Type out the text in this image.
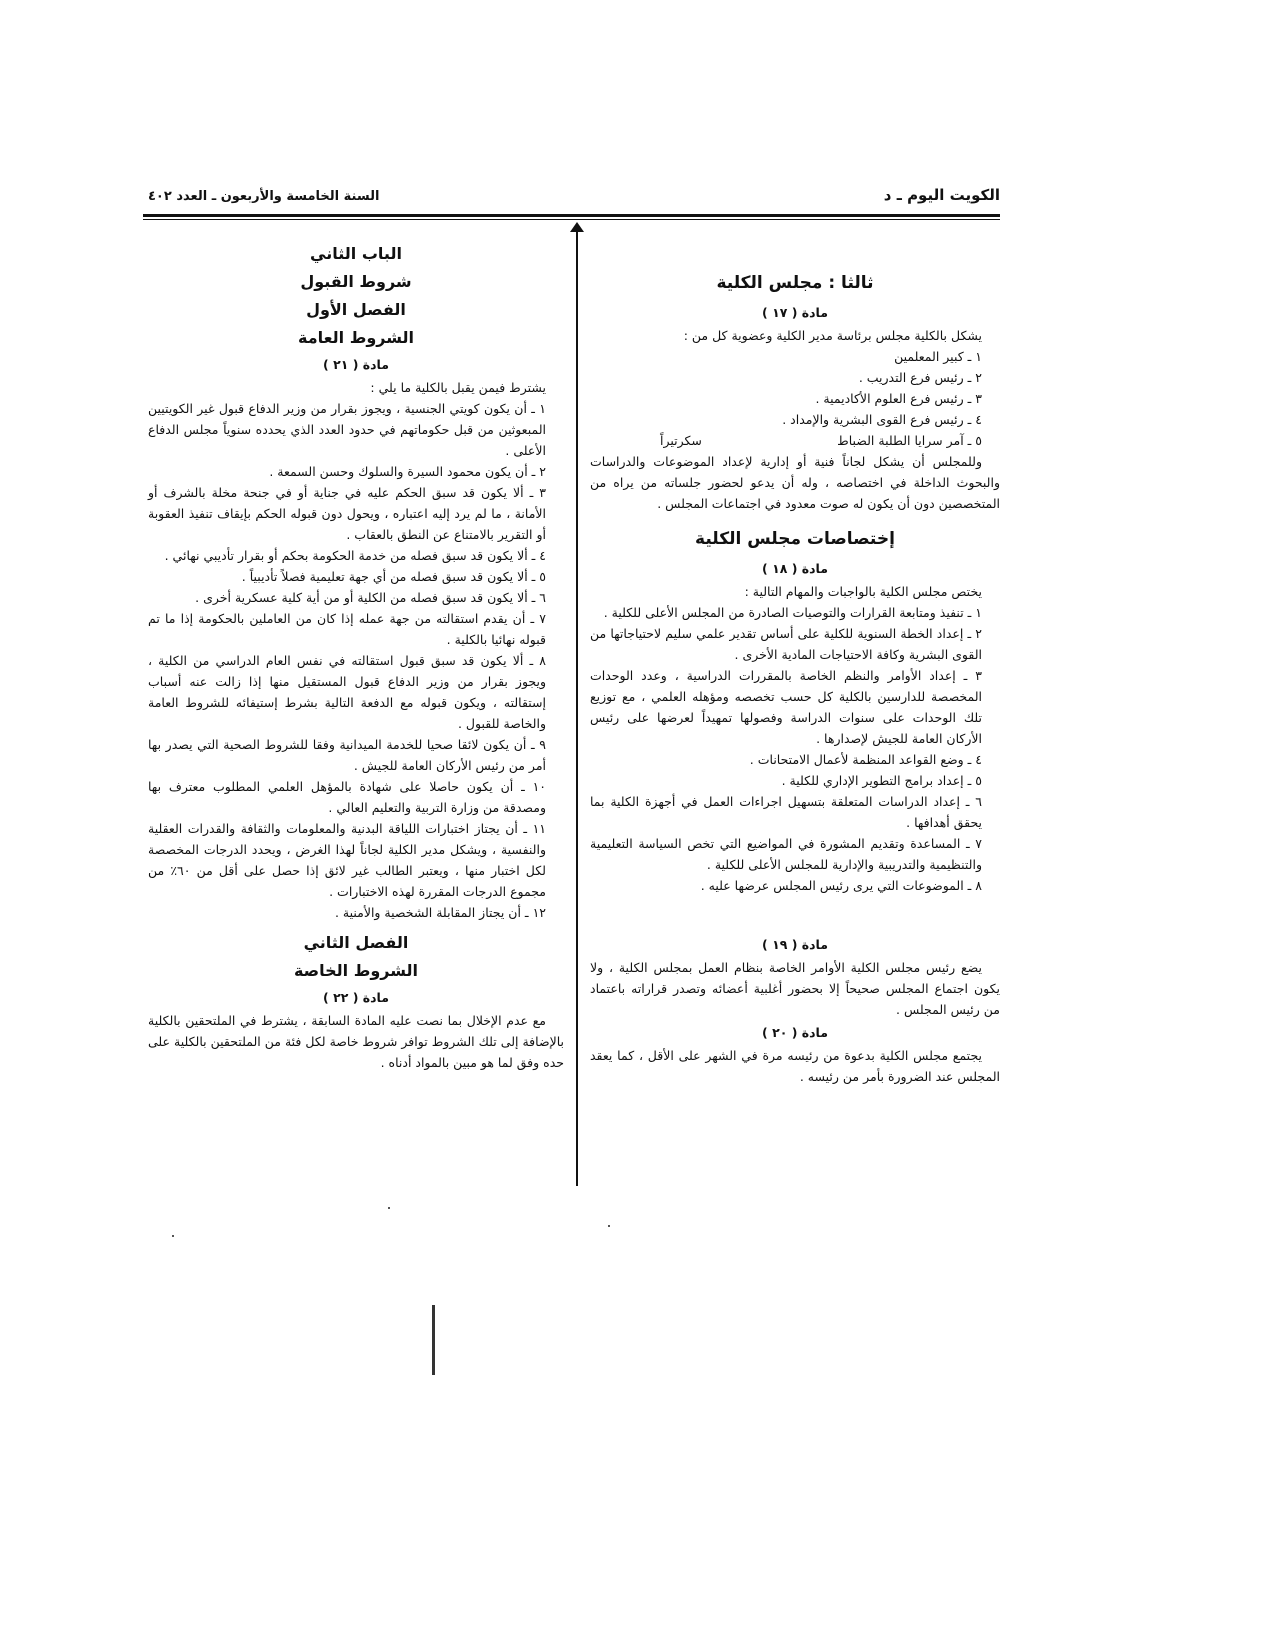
الكويت اليوم ـ د
السنة الخامسة والأربعون ـ العدد ٤٠٢

ثالثا : مجلس الكلية

مادة ( ١٧ )

يشكل بالكلية مجلس برئاسة مدير الكلية وعضوية كل من :

١ ـ كبير المعلمين
٢ ـ رئيس فرع التدريب .
٣ ـ رئيس فرع العلوم الأكاديمية .
٤ ـ رئيس فرع القوى البشرية والإمداد .
٥ ـ آمر سرايا الطلبة الضباط
سكرتيراً

وللمجلس أن يشكل لجاناً فنية أو إدارية لإعداد الموضوعات والدراسات والبحوث الداخلة في اختصاصه ، وله أن يدعو لحضور جلساته من يراه من المتخصصين دون أن يكون له صوت معدود في اجتماعات المجلس .

إختصاصات مجلس الكلية

مادة ( ١٨ )

يختص مجلس الكلية بالواجبات والمهام التالية :

١ ـ تنفيذ ومتابعة القرارات والتوصيات الصادرة من المجلس الأعلى للكلية .

٢ ـ إعداد الخطة السنوية للكلية على أساس تقدير علمي سليم لاحتياجاتها من القوى البشرية وكافة الاحتياجات المادية الأخرى .

٣ ـ إعداد الأوامر والنظم الخاصة بالمقررات الدراسية ، وعدد الوحدات المخصصة للدارسين بالكلية كل حسب تخصصه ومؤهله العلمي ، مع توزيع تلك الوحدات على سنوات الدراسة وفصولها تمهيداً لعرضها على رئيس الأركان العامة للجيش لإصدارها .

٤ ـ وضع القواعد المنظمة لأعمال الامتحانات .

٥ ـ إعداد برامج التطوير الإداري للكلية .

٦ ـ إعداد الدراسات المتعلقة بتسهيل اجراءات العمل في أجهزة الكلية بما يحقق أهدافها .

٧ ـ المساعدة وتقديم المشورة في المواضيع التي تخص السياسة التعليمية والتنظيمية والتدريبية والإدارية للمجلس الأعلى للكلية .

٨ ـ الموضوعات التي يرى رئيس المجلس عرضها عليه .

مادة ( ١٩ )

يضع رئيس مجلس الكلية الأوامر الخاصة بنظام العمل بمجلس الكلية ، ولا يكون اجتماع المجلس صحيحاً إلا بحضور أغلبية أعضائه وتصدر قراراته باعتماد من رئيس المجلس .

مادة ( ٢٠ )

يجتمع مجلس الكلية بدعوة من رئيسه مرة في الشهر على الأقل ، كما يعقد المجلس عند الضرورة بأمر من رئيسه .

الباب الثاني

شروط القبول

الفصل الأول

الشروط العامة

مادة ( ٢١ )

يشترط فيمن يقبل بالكلية ما يلي :

١ ـ أن يكون كويتي الجنسية ، ويجوز بقرار من وزير الدفاع قبول غير الكويتيين المبعوثين من قبل حكوماتهم في حدود العدد الذي يحدده سنوياً مجلس الدفاع الأعلى .

٢ ـ أن يكون محمود السيرة والسلوك وحسن السمعة .

٣ ـ ألا يكون قد سبق الحكم عليه في جناية أو في جنحة مخلة بالشرف أو الأمانة ، ما لم يرد إليه اعتباره ، ويحول دون قبوله الحكم بإيقاف تنفيذ العقوبة أو التقرير بالامتناع عن النطق بالعقاب .

٤ ـ ألا يكون قد سبق فصله من خدمة الحكومة بحكم أو بقرار تأديبي نهائي .

٥ ـ ألا يكون قد سبق فصله من أي جهة تعليمية فصلاً تأديبياً .

٦ ـ ألا يكون قد سبق فصله من الكلية أو من أية كلية عسكرية أخرى .

٧ ـ أن يقدم استقالته من جهة عمله إذا كان من العاملين بالحكومة إذا ما تم قبوله نهائيا بالكلية .

٨ ـ ألا يكون قد سبق قبول استقالته في نفس العام الدراسي من الكلية ، ويجوز بقرار من وزير الدفاع قبول المستقيل منها إذا زالت عنه أسباب إستقالته ، ويكون قبوله مع الدفعة التالية بشرط إستيفائه للشروط العامة والخاصة للقبول .

٩ ـ أن يكون لائقا صحيا للخدمة الميدانية وفقا للشروط الصحية التي يصدر بها أمر من رئيس الأركان العامة للجيش .

١٠ ـ أن يكون حاصلا على شهادة بالمؤهل العلمي المطلوب معترف بها ومصدقة من وزارة التربية والتعليم العالي .

١١ ـ أن يجتاز اختبارات اللياقة البدنية والمعلومات والثقافة والقدرات العقلية والنفسية ، ويشكل مدير الكلية لجاناً لهذا الغرض ، ويحدد الدرجات المخصصة لكل اختبار منها ، ويعتبر الطالب غير لائق إذا حصل على أقل من ٦٠٪ من مجموع الدرجات المقررة لهذه الاختبارات .

١٢ ـ أن يجتاز المقابلة الشخصية والأمنية .

الفصل الثاني

الشروط الخاصة

مادة ( ٢٢ )

مع عدم الإخلال بما نصت عليه المادة السابقة ، يشترط في الملتحقين بالكلية بالإضافة إلى تلك الشروط توافر شروط خاصة لكل فئة من الملتحقين بالكلية على حده وفق لما هو مبين بالمواد أدناه .
